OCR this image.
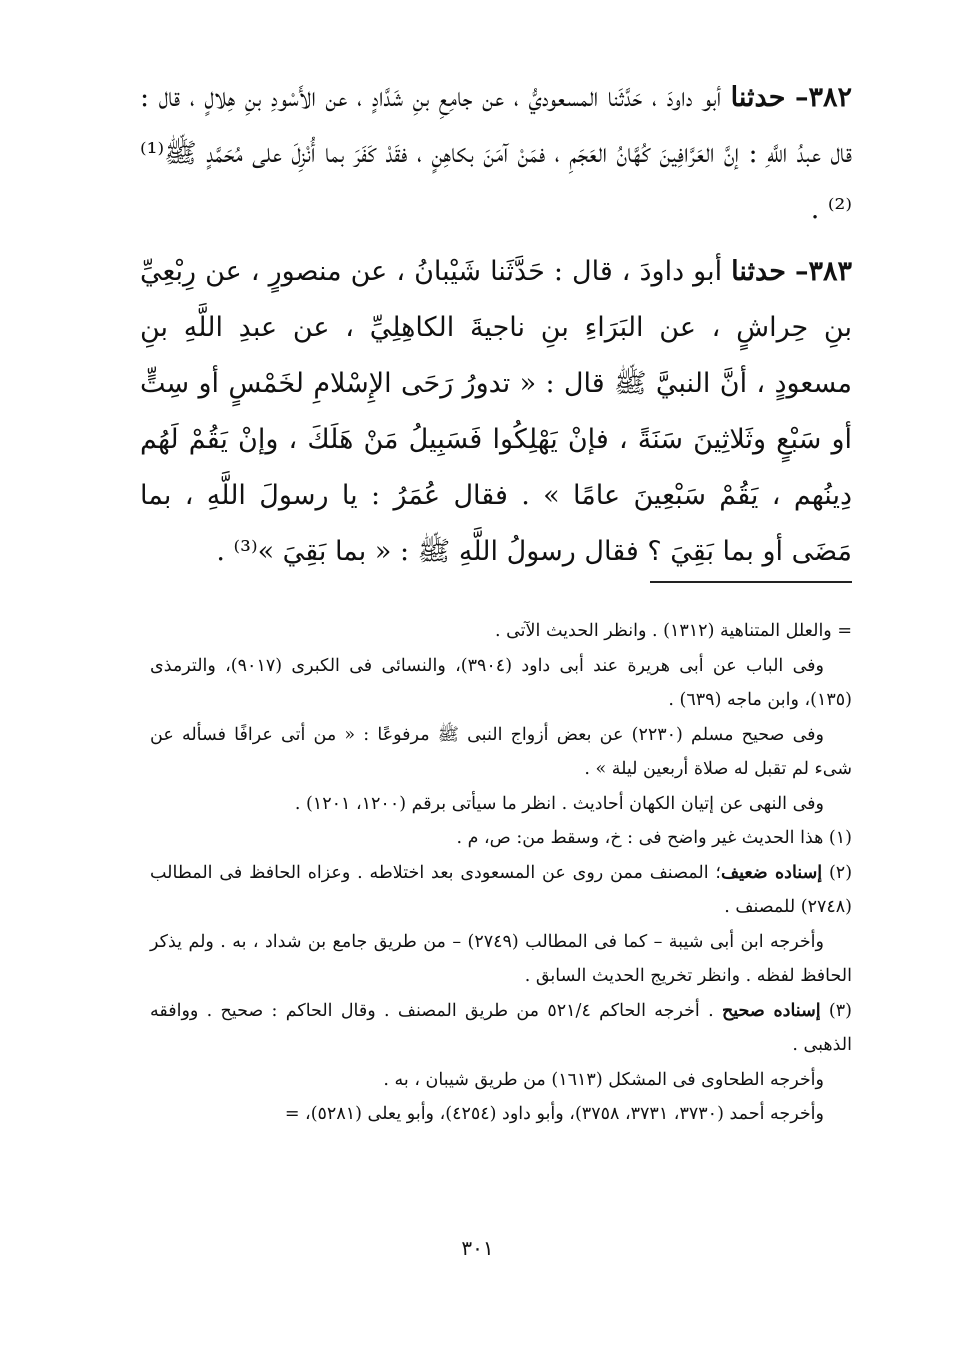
٣٨٢– حدثنا أبو داودَ ، حَدَّثَنا المسعوديُّ ، عن جامِعِ بنِ شَدَّادٍ ، عن الأَسْودِ بنِ هِلالٍ ، قال : قال عبدُ اللَّهِ : إنَّ العَرَّافِينَ كُهَّانُ العَجَمِ ، فمَنْ آمَنَ بكاهِنٍ ، فقَدْ كَفَرَ بما أُنْزِلَ على مُحَمَّدٍ ﷺ⁽¹⁾⁽²⁾ .

٣٨٣– حدثنا أبو داودَ ، قال : حَدَّثَنا شَيْبانُ ، عن منصورٍ ، عن رِبْعِيِّ بنِ حِراشٍ ، عن البَرَاءِ بنِ ناجيةَ الكاهِلِيِّ ، عن عبدِ اللَّهِ بنِ مسعودٍ ، أنَّ النبيَّ ﷺ قال : « تدورُ رَحَى الإِسْلامِ لخَمْسٍ أو سِتٍّ أو سَبْعٍ وثَلاثِينَ سَنَةً ، فإنْ يَهْلِكُوا فَسَبِيلُ مَنْ هَلَكَ ، وإنْ يَقُمْ لَهُم دِينُهم ، يَقُمْ سَبْعِينَ عامًا » . فقال عُمَرُ : يا رسولَ اللَّهِ ، بما مَضَى أو بما بَقِيَ ؟ فقال رسولُ اللَّهِ ﷺ : « بما بَقِيَ »⁽³⁾ .

= والعلل المتناهية (١٣١٢) . وانظر الحديث الآتى .

وفى الباب عن أبى هريرة عند أبى داود (٣٩٠٤)، والنسائى فى الكبرى (٩٠١٧)، والترمذى (١٣٥)، وابن ماجه (٦٣٩) .

وفى صحيح مسلم (٢٢٣٠) عن بعض أزواج النبى ﷺ مرفوعًا : « من أتى عرافًا فسأله عن شىء لم تقبل له صلاة أربعين ليلة » .

وفى النهى عن إتيان الكهان أحاديث . انظر ما سيأتى برقم (١٢٠٠، ١٢٠١) .

(١) هذا الحديث غير واضح فى : خ، وسقط من: ص، م .

(٢) إسناده ضعيف؛ المصنف ممن روى عن المسعودى بعد اختلاطه . وعزاه الحافظ فى المطالب (٢٧٤٨) للمصنف .

وأخرجه ابن أبى شيبة – كما فى المطالب (٢٧٤٩) – من طريق جامع بن شداد ، به . ولم يذكر الحافظ لفظه . وانظر تخريج الحديث السابق .

(٣) إسناده صحيح . أخرجه الحاكم ٥٢١/٤ من طريق المصنف . وقال الحاكم : صحيح . ووافقه الذهبى .

وأخرجه الطحاوى فى المشكل (١٦١٣) من طريق شيبان ، به .

وأخرجه أحمد (٣٧٣٠، ٣٧٣١، ٣٧٥٨)، وأبو داود (٤٢٥٤)، وأبو يعلى (٥٢٨١)، =

٣٠١
